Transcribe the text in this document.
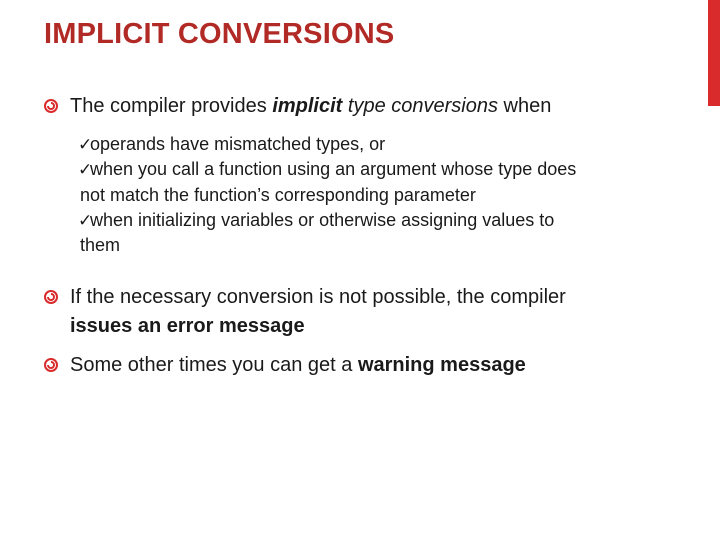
IMPLICIT CONVERSIONS
The compiler provides implicit type conversions when
✓operands have mismatched types, or
✓when you call a function using an argument whose type does
not match the function’s corresponding parameter
✓when initializing variables or otherwise assigning values to
them
If the necessary conversion is not possible, the compiler
issues an error message
Some other times you can get a warning message
